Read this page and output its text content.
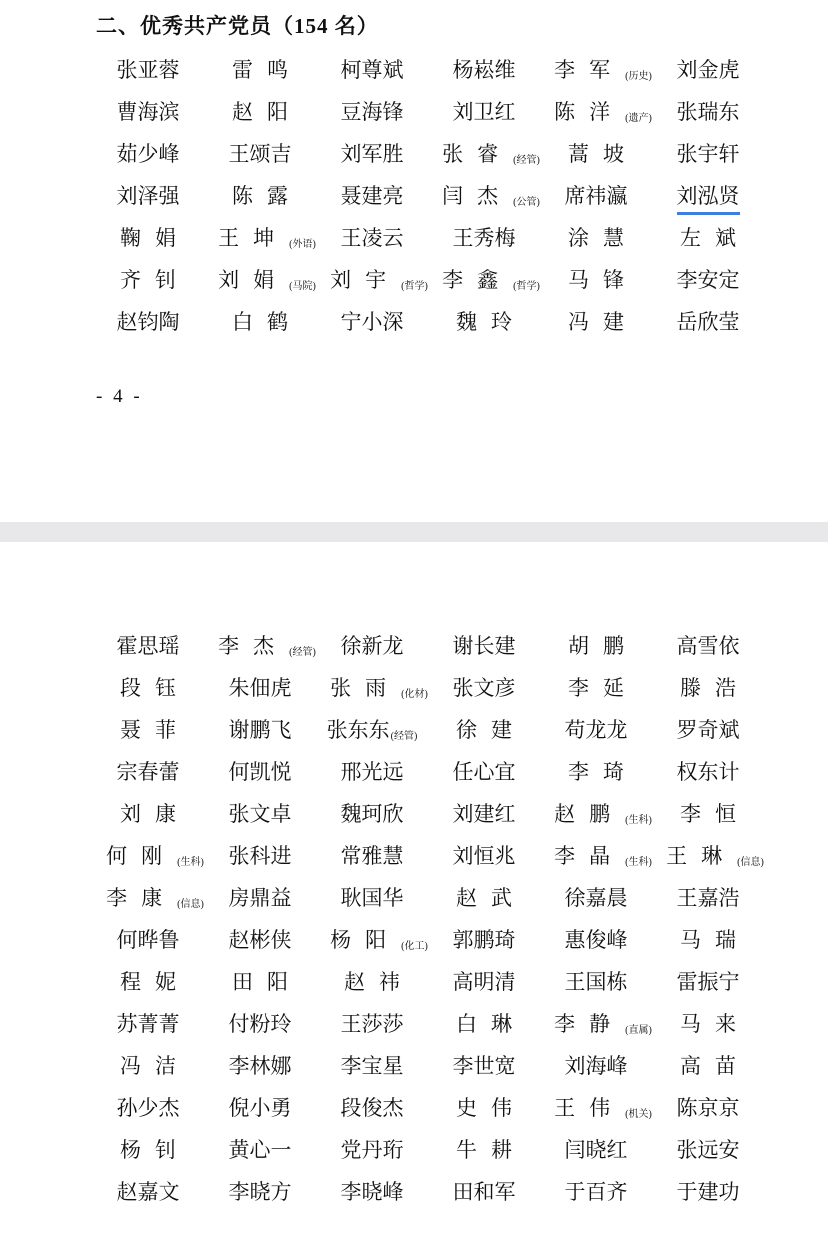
二、优秀共产党员（154 名）
张亚蓉	雷鸣	柯尊斌	杨崧维	李军$_{(历史)}$	刘金虎
曹海滨	赵阳	豆海锋	刘卫红	陈洋$_{(遗产)}$	张瑞东
茹少峰	王颂吉	刘军胜	张睿$_{(经管)}$	蒿坡	张宇轩
刘泽强	陈露	聂建亮	闫杰$_{(公管)}$	席祎瀛	刘泓贤
鞠娟	王坤$_{(外语)}$	王凌云	王秀梅	涂慧	左斌
齐钊	刘娟$_{(马院)}$ 刘宇$_{(哲学)}$ 李鑫$_{(哲学)}$	马锋	李安定
赵钧陶	白鹤	宁小深	魏玲	冯建	岳欣莹
- 4 -
霍思瑶	李杰$_{(经管)}$	徐新龙	谢长建	胡鹏	高雪依
段钰	朱佃虎	张雨$_{(化材)}$	张文彦	李延	滕浩
聂菲	谢鹏飞	张东东$_{(经管)}$	徐建	苟龙龙	罗奇斌
宗春蕾	何凯悦	邢光远	任心宜	李琦	权东计
刘康	张文卓	魏珂欣	刘建红	赵鹏$_{(生科)}$	李恒
何刚$_{(生科)}$	张科进	常雅慧	刘恒兆	李晶$_{(生科)}$ 王琳$_{(信息)}$
李康$_{(信息)}$	房鼎益	耿国华	赵武	徐嘉晨	王嘉浩
何晔鲁	赵彬侠	杨阳$_{(化工)}$	郭鹏琦	惠俊峰	马瑞
程妮	田阳	赵祎	高明清	王国栋	雷振宁
苏菁菁	付粉玲	王莎莎	白琳	李静$_{(直属)}$	马来
冯洁	李林娜	李宝星	李世宽	刘海峰	高苗
孙少杰	倪小勇	段俊杰	史伟	王伟$_{(机关)}$	陈京京
杨钊	黄心一	党丹珩	牛耕	闫晓红	张远安
赵嘉文	李晓方	李晓峰	田和军	于百齐	于建功
